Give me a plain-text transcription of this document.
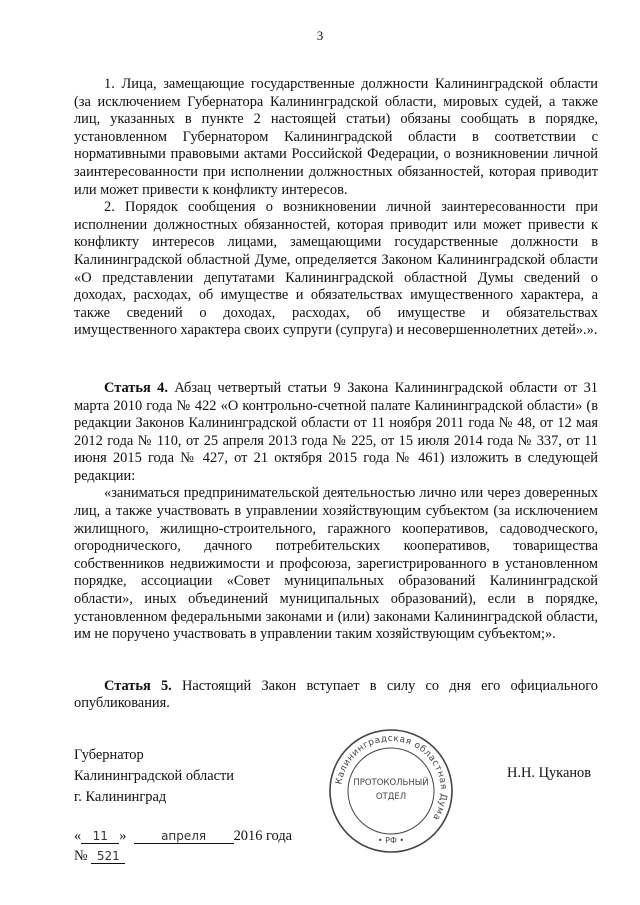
3

1. Лица, замещающие государственные должности Калининградской области (за исключением Губернатора Калининградской области, мировых судей, а также лиц, указанных в пункте 2 настоящей статьи) обязаны сообщать в порядке, установленном Губернатором Калининградской области в соответствии с нормативными правовыми актами Российской Федерации, о возникновении личной заинтересованности при исполнении должностных обязанностей, которая приводит или может привести к конфликту интересов.

2. Порядок сообщения о возникновении личной заинтересованности при исполнении должностных обязанностей, которая приводит или может привести к конфликту интересов лицами, замещающими государственные должности в Калининградской областной Думе, определяется Законом Калининградской области «О представлении депутатами Калининградской областной Думы сведений о доходах, расходах, об имуществе и обязательствах имущественного характера, а также сведений о доходах, расходах, об имуществе и обязательствах имущественного характера своих супруги (супруга) и несовершеннолетних детей».».

Статья 4. Абзац четвертый статьи 9 Закона Калининградской области от 31 марта 2010 года № 422 «О контрольно-счетной палате Калининградской области» (в редакции Законов Калининградской области от 11 ноября 2011 года № 48, от 12 мая 2012 года № 110, от 25 апреля 2013 года № 225, от 15 июля 2014 года № 337, от 11 июня 2015 года № 427, от 21 октября 2015 года № 461) изложить в следующей редакции:

«заниматься предпринимательской деятельностью лично или через доверенных лиц, а также участвовать в управлении хозяйствующим субъектом (за исключением жилищного, жилищно-строительного, гаражного кооперативов, садоводческого, огороднического, дачного потребительских кооперативов, товарищества собственников недвижимости и профсоюза, зарегистрированного в установленном порядке, ассоциации «Совет муниципальных образований Калининградской области», иных объединений муниципальных образований), если в порядке, установленном федеральными законами и (или) законами Калининградской области, им не поручено участвовать в управлении таким хозяйствующим субъектом;».

Статья 5. Настоящий Закон вступает в силу со дня его официального опубликования.

Губернатор
Калининградской области
г. Калининград
Н.Н. Цуканов
Калининградская областная Дума
ПРОТОКОЛЬНЫЙ
ОТДЕЛ
• РФ •
« 11 »	апреля 2016 года
№ 521
